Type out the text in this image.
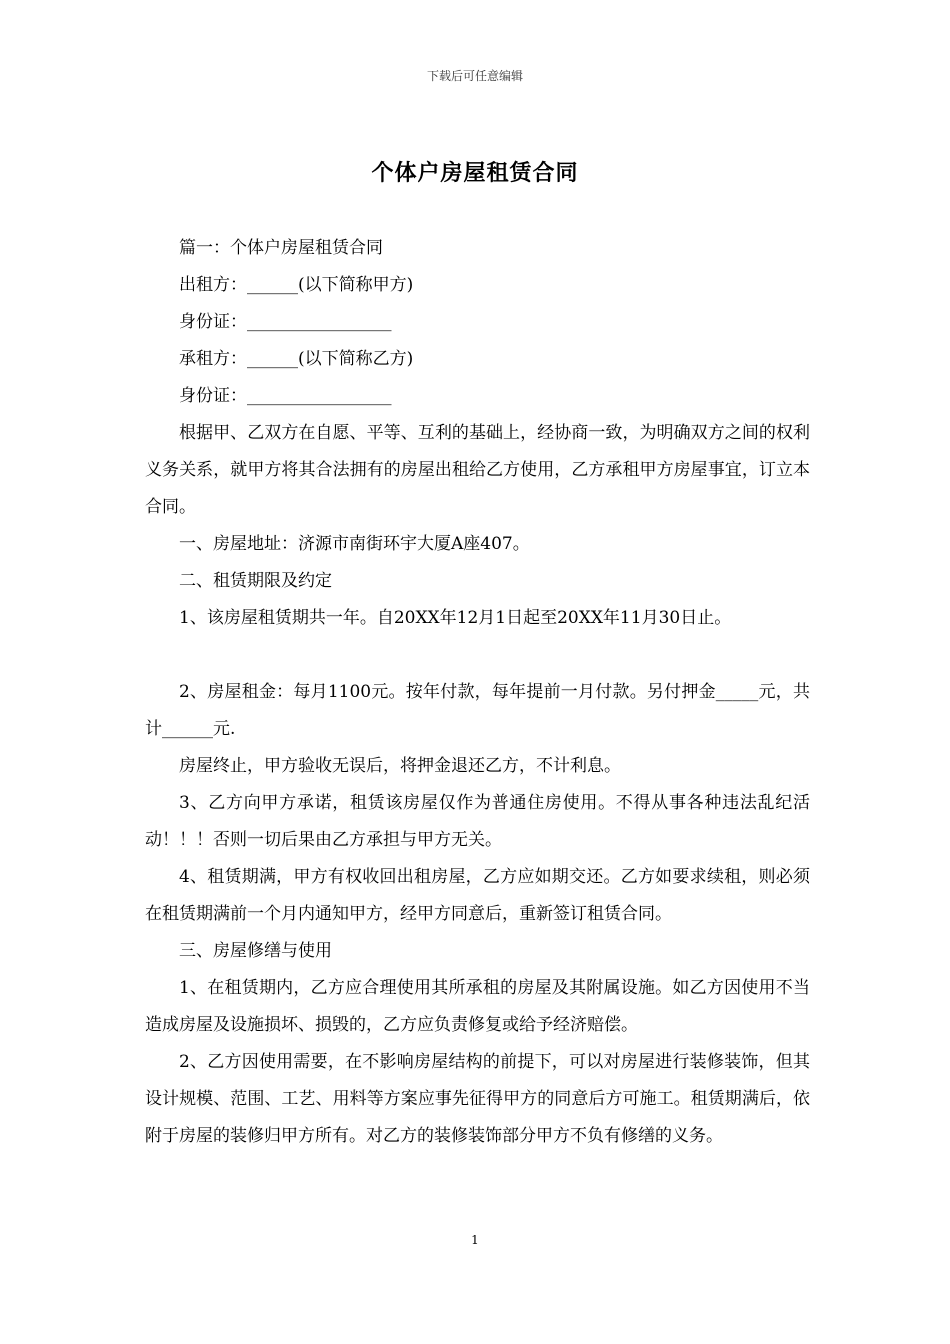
下载后可任意编辑
个体户房屋租赁合同

篇一：个体户房屋租赁合同

出租方：______(以下简称甲方)

身份证：_________________

承租方：______(以下简称乙方)

身份证：_________________

根据甲、乙双方在自愿、平等、互利的基础上，经协商一致，为明确双方之间的权利义务关系，就甲方将其合法拥有的房屋出租给乙方使用，乙方承租甲方房屋事宜，订立本合同。

一、房屋地址：济源市南街环宇大厦A座407。

二、租赁期限及约定

1、该房屋租赁期共一年。自20XX年12月1日起至20XX年11月30日止。

2、房屋租金：每月1100元。按年付款，每年提前一月付款。另付押金_____元，共计______元.

房屋终止，甲方验收无误后，将押金退还乙方，不计利息。

3、乙方向甲方承诺，租赁该房屋仅作为普通住房使用。不得从事各种违法乱纪活动！！！否则一切后果由乙方承担与甲方无关。

4、租赁期满，甲方有权收回出租房屋，乙方应如期交还。乙方如要求续租，则必须在租赁期满前一个月内通知甲方，经甲方同意后，重新签订租赁合同。

三、房屋修缮与使用

1、在租赁期内，乙方应合理使用其所承租的房屋及其附属设施。如乙方因使用不当造成房屋及设施损坏、损毁的，乙方应负责修复或给予经济赔偿。

2、乙方因使用需要，在不影响房屋结构的前提下，可以对房屋进行装修装饰，但其设计规模、范围、工艺、用料等方案应事先征得甲方的同意后方可施工。租赁期满后，依附于房屋的装修归甲方所有。对乙方的装修装饰部分甲方不负有修缮的义务。

1
